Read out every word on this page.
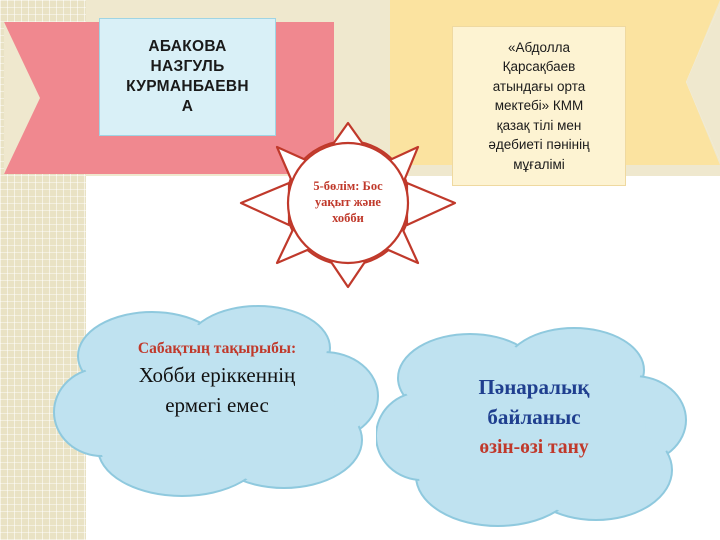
АБАКОВА
НАЗГУЛЬ
КУРМАНБАЕВН
А
«Абдолла
Қарсақбаев
атындағы орта
мектебі» КММ
қазақ тілі мен
әдебиеті пәнінің
мұғалімі
5-бөлім: Бос
уақыт және
хобби
Сабақтың тақырыбы:
Хобби еріккеннің
ермегі емес
Пәнаралық
байланыс
өзін-өзі тану
